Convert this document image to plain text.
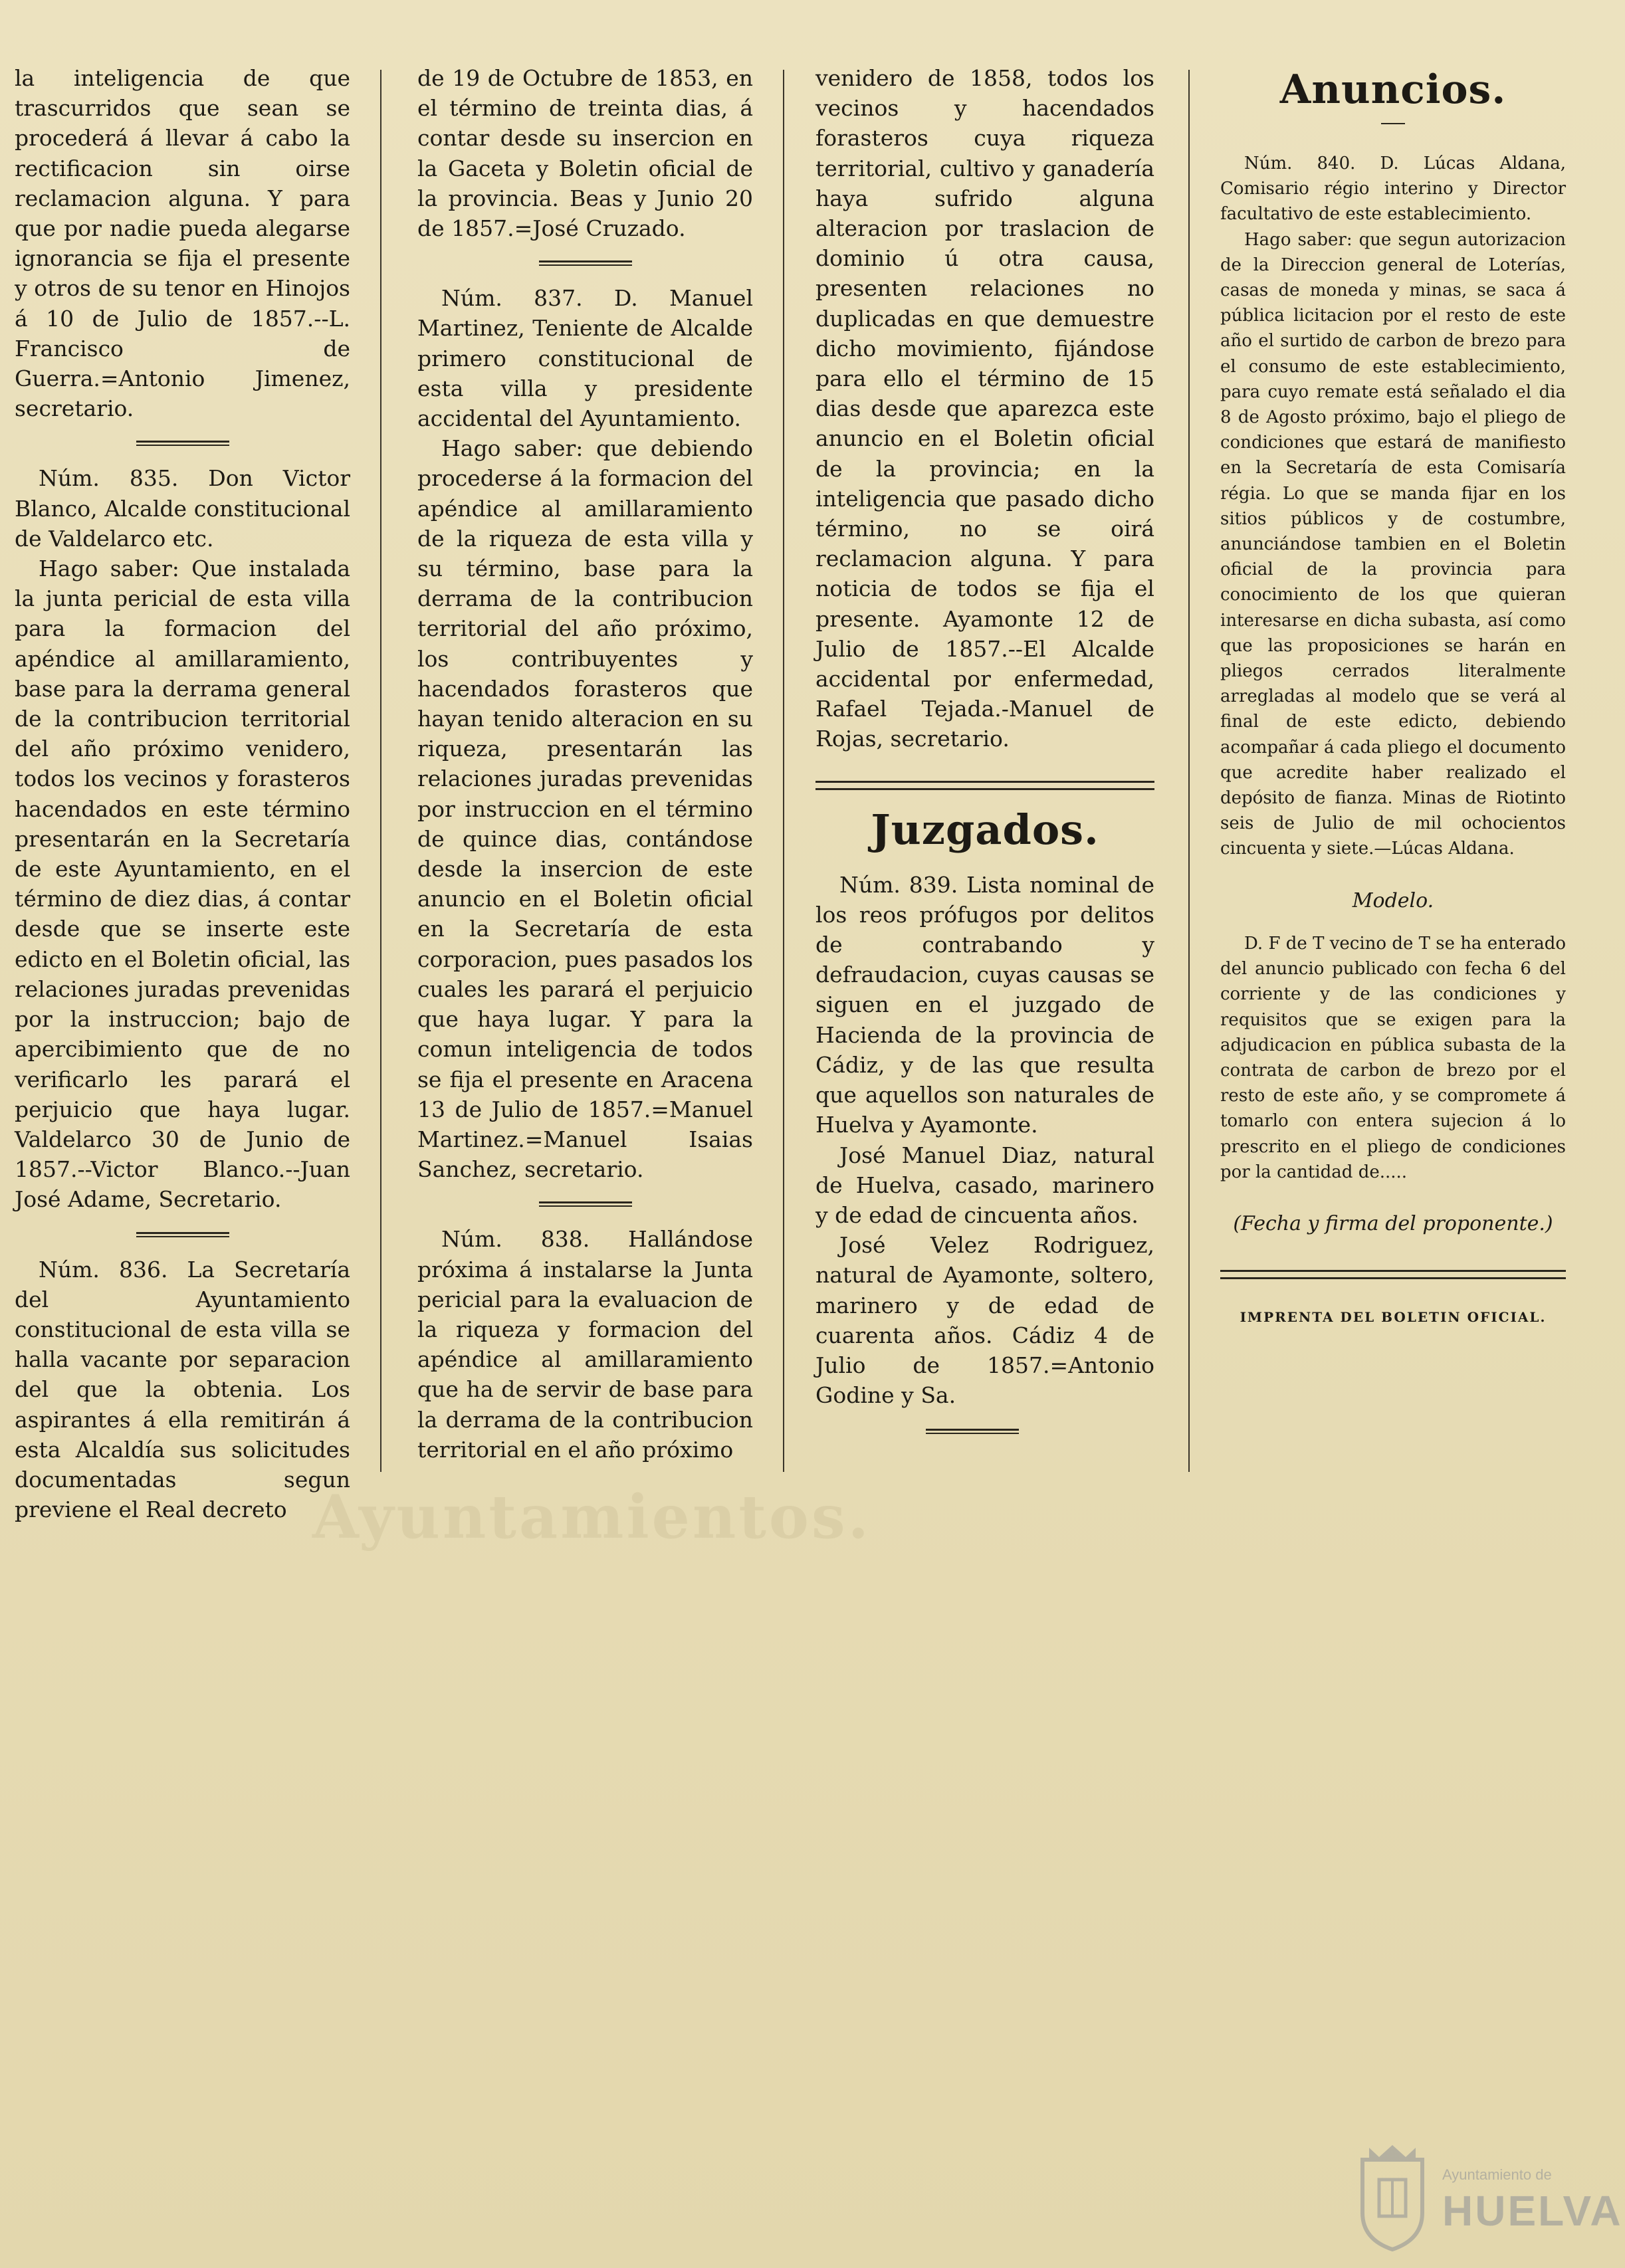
Ayuntamientos.

la inteligencia de que trascurridos que sean se procederá á llevar á cabo la rectificacion sin oirse reclamacion alguna. Y para que por nadie pueda alegarse ignorancia se fija el presente y otros de su tenor en Hinojos á 10 de Julio de 1857.--L. Francisco de Guerra.=Antonio Jimenez, secretario.

Núm. 835. Don Victor Blanco, Alcalde constitucional de Valdelarco etc.

Hago saber: Que instalada la junta pericial de esta villa para la formacion del apéndice al amillaramiento, base para la derrama general de la contribucion territorial del año próximo venidero, todos los vecinos y forasteros hacendados en este término presentarán en la Secretaría de este Ayuntamiento, en el término de diez dias, á contar desde que se inserte este edicto en el Boletin oficial, las relaciones juradas prevenidas por la instruccion; bajo de apercibimiento que de no verificarlo les parará el perjuicio que haya lugar. Valdelarco 30 de Junio de 1857.--Victor Blanco.--Juan José Adame, Secretario.

Núm. 836. La Secretaría del Ayuntamiento constitucional de esta villa se halla vacante por separacion del que la obtenia. Los aspirantes á ella remitirán á esta Alcaldía sus solicitudes documentadas segun previene el Real decreto

de 19 de Octubre de 1853, en el término de treinta dias, á contar desde su insercion en la Gaceta y Boletin oficial de la provincia. Beas y Junio 20 de 1857.=José Cruzado.

Núm. 837. D. Manuel Martinez, Teniente de Alcalde primero constitucional de esta villa y presidente accidental del Ayuntamiento.

Hago saber: que debiendo procederse á la formacion del apéndice al amillaramiento de la riqueza de esta villa y su término, base para la derrama de la contribucion territorial del año próximo, los contribuyentes y hacendados forasteros que hayan tenido alteracion en su riqueza, presentarán las relaciones juradas prevenidas por instruccion en el término de quince dias, contándose desde la insercion de este anuncio en el Boletin oficial en la Secretaría de esta corporacion, pues pasados los cuales les parará el perjuicio que haya lugar. Y para la comun inteligencia de todos se fija el presente en Aracena 13 de Julio de 1857.=Manuel Martinez.=Manuel Isaias Sanchez, secretario.

Núm. 838. Hallándose próxima á instalarse la Junta pericial para la evaluacion de la riqueza y formacion del apéndice al amillaramiento que ha de servir de base para la derrama de la contribucion territorial en el año próximo

venidero de 1858, todos los vecinos y hacendados forasteros cuya riqueza territorial, cultivo y ganadería haya sufrido alguna alteracion por traslacion de dominio ú otra causa, presenten relaciones no duplicadas en que demuestre dicho movimiento, fijándose para ello el término de 15 dias desde que aparezca este anuncio en el Boletin oficial de la provincia; en la inteligencia que pasado dicho término, no se oirá reclamacion alguna. Y para noticia de todos se fija el presente. Ayamonte 12 de Julio de 1857.--El Alcalde accidental por enfermedad, Rafael Tejada.-Manuel de Rojas, secretario.

Juzgados.

Núm. 839. Lista nominal de los reos prófugos por delitos de contrabando y defraudacion, cuyas causas se siguen en el juzgado de Hacienda de la provincia de Cádiz, y de las que resulta que aquellos son naturales de Huelva y Ayamonte.

José Manuel Diaz, natural de Huelva, casado, marinero y de edad de cincuenta años.

José Velez Rodriguez, natural de Ayamonte, soltero, marinero y de edad de cuarenta años. Cádiz 4 de Julio de 1857.=Antonio Godine y Sa.

Anuncios.

Núm. 840. D. Lúcas Aldana, Comisario régio interino y Director facultativo de este establecimiento.

Hago saber: que segun autorizacion de la Direccion general de Loterías, casas de moneda y minas, se saca á pública licitacion por el resto de este año el surtido de carbon de brezo para el consumo de este establecimiento, para cuyo remate está señalado el dia 8 de Agosto próximo, bajo el pliego de condiciones que estará de manifiesto en la Secretaría de esta Comisaría régia. Lo que se manda fijar en los sitios públicos y de costumbre, anunciándose tambien en el Boletin oficial de la provincia para conocimiento de los que quieran interesarse en dicha subasta, así como que las proposiciones se harán en pliegos cerrados literalmente arregladas al modelo que se verá al final de este edicto, debiendo acompañar á cada pliego el documento que acredite haber realizado el depósito de fianza. Minas de Riotinto seis de Julio de mil ochocientos cincuenta y siete.—Lúcas Aldana.

Modelo.

D. F de T vecino de T se ha enterado del anuncio publicado con fecha 6 del corriente y de las condiciones y requisitos que se exigen para la adjudicacion en pública subasta de la contrata de carbon de brezo por el resto de este año, y se compromete á tomarlo con entera sujecion á lo prescrito en el pliego de condiciones por la cantidad de.....

(Fecha y firma del proponente.)
IMPRENTA DEL BOLETIN OFICIAL.
Ayuntamiento de
HUELVA
